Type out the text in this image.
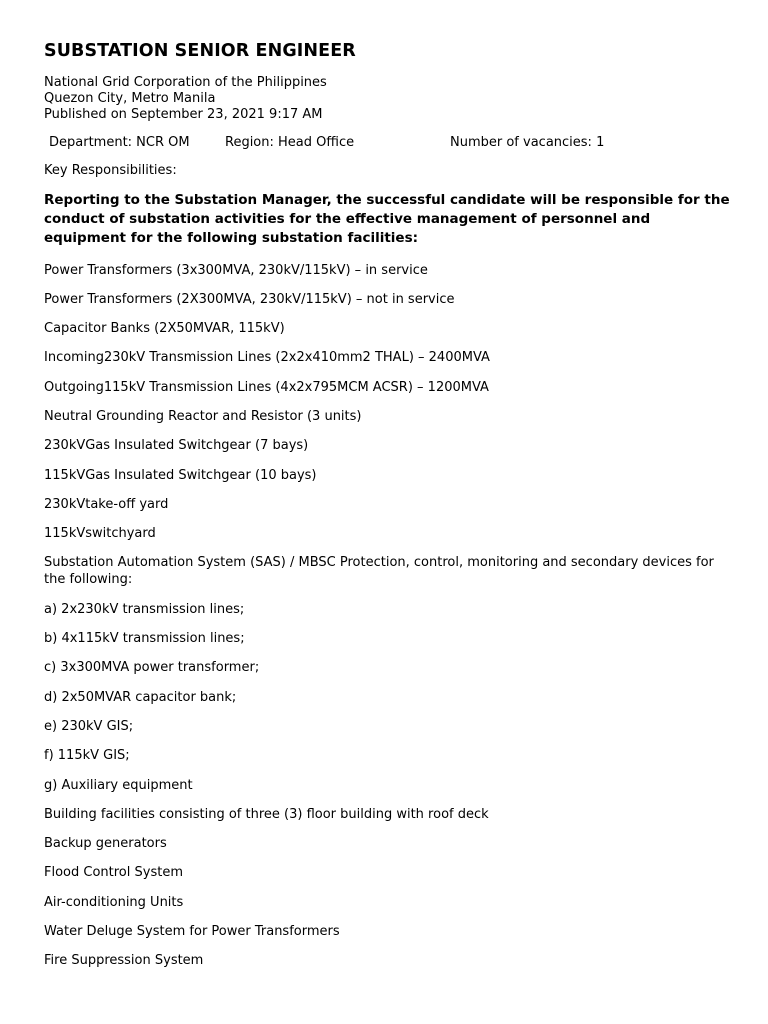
SUBSTATION SENIOR ENGINEER
National Grid Corporation of the Philippines
Quezon City, Metro Manila
Published on September 23, 2021 9:17 AM
Department: NCR OM	Region: Head Office	Number of vacancies: 1
Key Responsibilities:

Reporting to the Substation Manager, the successful candidate will be responsible for the conduct of substation activities for the effective management of personnel and equipment for the following substation facilities:

Power Transformers (3x300MVA, 230kV/115kV) – in service
Power Transformers (2X300MVA, 230kV/115kV) – not in service
Capacitor Banks (2X50MVAR, 115kV)
Incoming230kV Transmission Lines (2x2x410mm2 THAL) – 2400MVA
Outgoing115kV Transmission Lines (4x2x795MCM ACSR) – 1200MVA
Neutral Grounding Reactor and Resistor (3 units)
230kVGas Insulated Switchgear (7 bays)
115kVGas Insulated Switchgear (10 bays)
230kVtake-off yard
115kVswitchyard
Substation Automation System (SAS) / MBSC Protection, control, monitoring and secondary devices for the following:
a) 2x230kV transmission lines;
b) 4x115kV transmission lines;
c) 3x300MVA power transformer;
d) 2x50MVAR capacitor bank;
e) 230kV GIS;
f) 115kV GIS;
g) Auxiliary equipment
Building facilities consisting of three (3) floor building with roof deck
Backup generators
Flood Control System
Air-conditioning Units
Water Deluge System for Power Transformers
Fire Suppression System
